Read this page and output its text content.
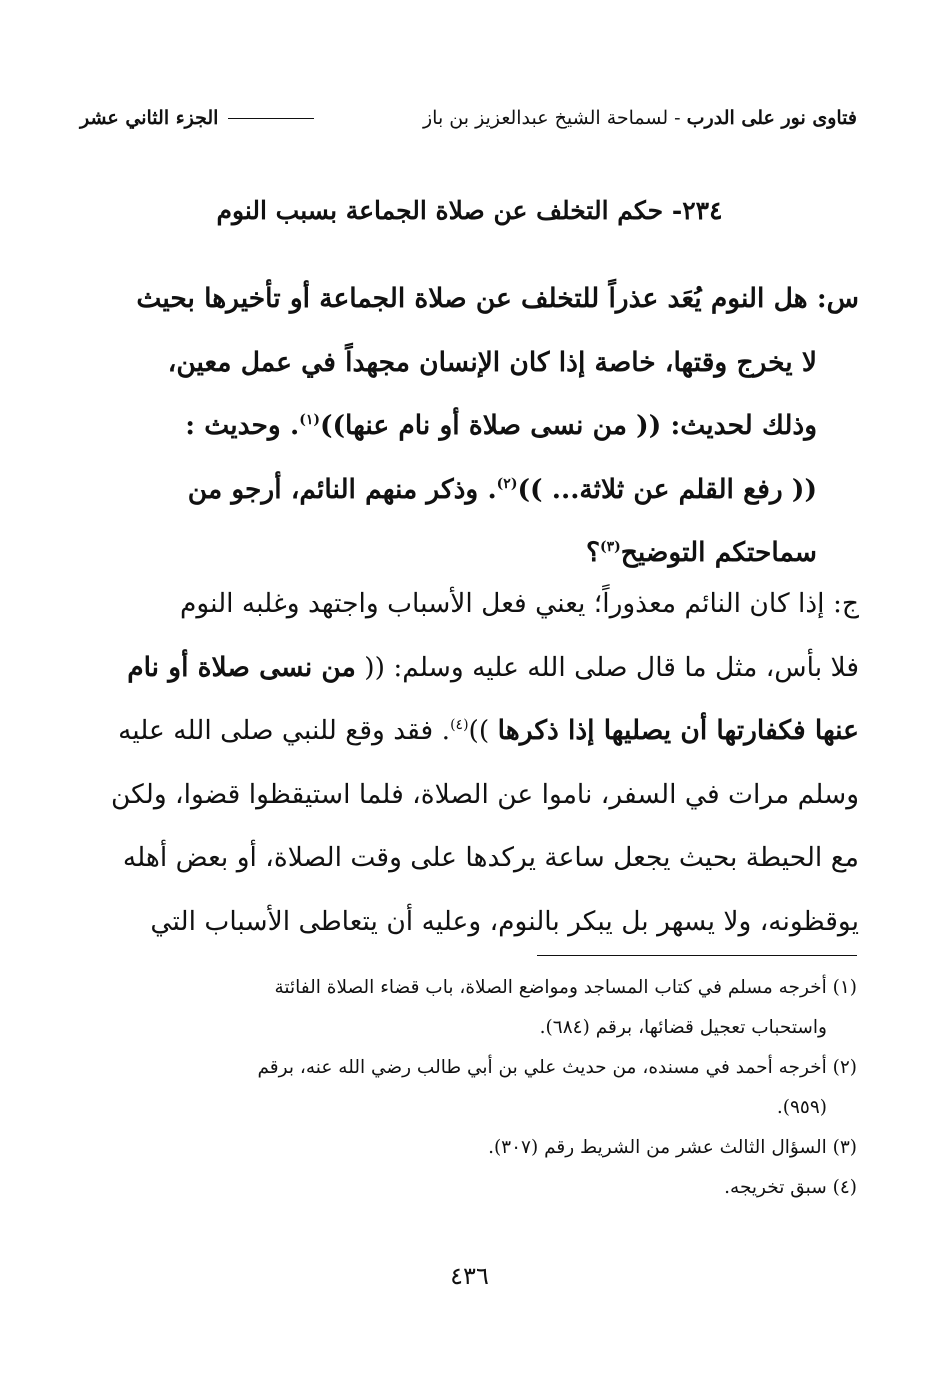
فتاوى نور على الدرب - لسماحة الشيخ عبدالعزيز بن باز
الجزء الثاني عشر
٢٣٤- حكم التخلف عن صلاة الجماعة بسبب النوم
س: هل النوم يُعَد عذراً للتخلف عن صلاة الجماعة أو تأخيرها بحيث
لا يخرج وقتها، خاصة إذا كان الإنسان مجهداً في عمل معين،
وذلك لحديث: (( من نسى صلاة أو نام عنها))$^{(١)}$. وحديث :
(( رفع القلم عن ثلاثة... ))$^{(٢)}$. وذكر منهم النائم، أرجو من
سماحتكم التوضيح$^{(٣)}$؟
ج: إذا كان النائم معذوراً؛ يعني فعل الأسباب واجتهد وغلبه النوم
فلا بأس، مثل ما قال صلى الله عليه وسلم: (( من نسى صلاة أو نام
عنها فكفارتها أن يصليها إذا ذكرها ))$^{(٤)}$. فقد وقع للنبي صلى الله عليه
وسلم مرات في السفر، ناموا عن الصلاة، فلما استيقظوا قضوا، ولكن
مع الحيطة بحيث يجعل ساعة يركدها على وقت الصلاة، أو بعض أهله
يوقظونه، ولا يسهر بل يبكر بالنوم، وعليه أن يتعاطى الأسباب التي
(١) أخرجه مسلم في كتاب المساجد ومواضع الصلاة، باب قضاء الصلاة الفائتة
واستحباب تعجيل قضائها، برقم (٦٨٤).
(٢) أخرجه أحمد في مسنده، من حديث علي بن أبي طالب رضي الله عنه، برقم
(٩٥٩).
(٣) السؤال الثالث عشر من الشريط رقم (٣٠٧).
(٤) سبق تخريجه.
٤٣٦
